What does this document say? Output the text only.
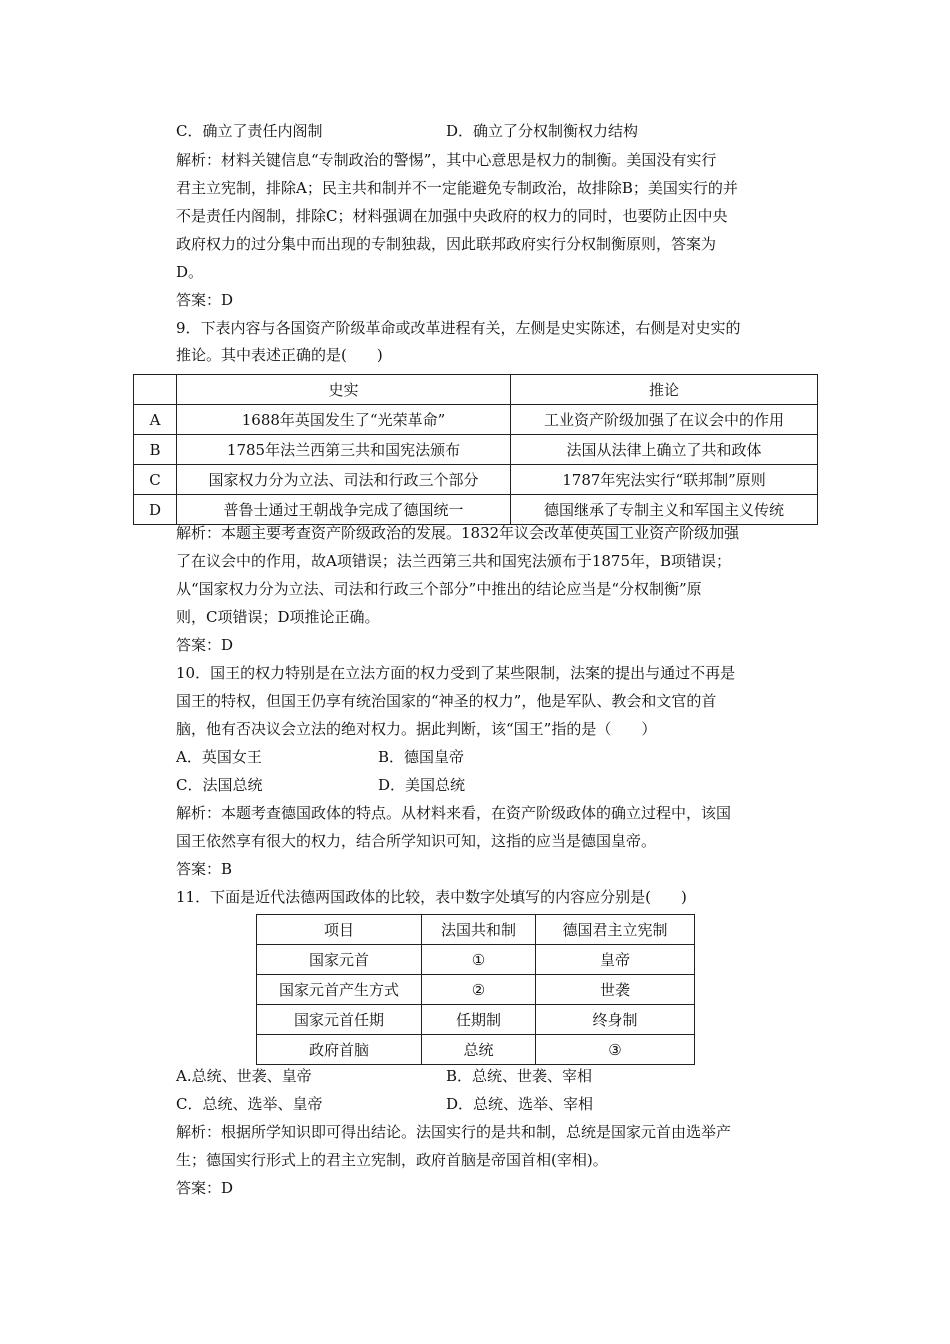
C．确立了责任内阁制	D．确立了分权制衡权力结构
解析：材料关键信息“专制政治的警惕”，其中心意思是权力的制衡。美国没有实行
君主立宪制，排除A；民主共和制并不一定能避免专制政治，故排除B；美国实行的并
不是责任内阁制，排除C；材料强调在加强中央政府的权力的同时，也要防止因中央
政府权力的过分集中而出现的专制独裁，因此联邦政府实行分权制衡原则，答案为
D。
答案：D
9．下表内容与各国资产阶级革命或改革进程有关，左侧是史实陈述，右侧是对史实的
推论。其中表述正确的是(　　)
	史实	推论
A	1688年英国发生了“光荣革命”	工业资产阶级加强了在议会中的作用
B	1785年法兰西第三共和国宪法颁布	法国从法律上确立了共和政体
C	国家权力分为立法、司法和行政三个部分	1787年宪法实行“联邦制”原则
D	普鲁士通过王朝战争完成了德国统一	德国继承了专制主义和军国主义传统
解析：本题主要考查资产阶级政治的发展。1832年议会改革使英国工业资产阶级加强
了在议会中的作用，故A项错误；法兰西第三共和国宪法颁布于1875年，B项错误；
从“国家权力分为立法、司法和行政三个部分”中推出的结论应当是“分权制衡”原
则，C项错误；D项推论正确。
答案：D
10．国王的权力特别是在立法方面的权力受到了某些限制，法案的提出与通过不再是
国王的特权，但国王仍享有统治国家的“神圣的权力”，他是军队、教会和文官的首
脑，他有否决议会立法的绝对权力。据此判断，该“国王”指的是（　　）
A．英国女王	B．德国皇帝
C．法国总统	D．美国总统
解析：本题考查德国政体的特点。从材料来看，在资产阶级政体的确立过程中，该国
国王依然享有很大的权力，结合所学知识可知，这指的应当是德国皇帝。
答案：B
11．下面是近代法德两国政体的比较，表中数字处填写的内容应分别是(　　)
项目	法国共和制	德国君主立宪制
国家元首	①	皇帝
国家元首产生方式	②	世袭
国家元首任期	任期制	终身制
政府首脑	总统	③
A.总统、世袭、皇帝	B．总统、世袭、宰相
C．总统、选举、皇帝	D．总统、选举、宰相
解析：根据所学知识即可得出结论。法国实行的是共和制，总统是国家元首由选举产
生；德国实行形式上的君主立宪制，政府首脑是帝国首相(宰相)。
答案：D
